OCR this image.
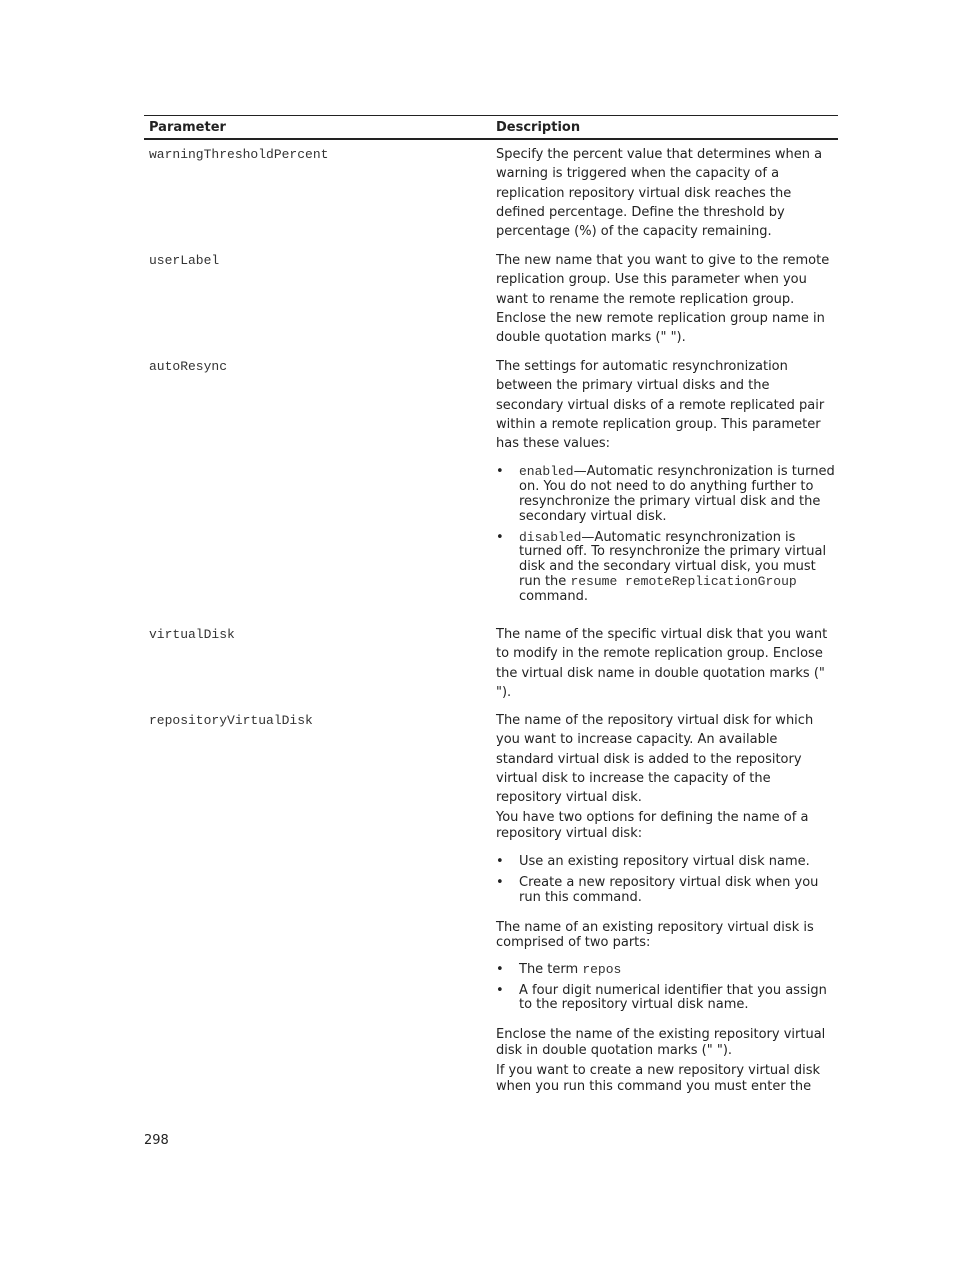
Parameter	Description
warningThresholdPercent	Specify the percent value that determines when a warning is triggered when the capacity of a replication repository virtual disk reaches the defined percentage. Define the threshold by percentage (%) of the capacity remaining.

userLabel	The new name that you want to give to the remote replication group. Use this parameter when you want to rename the remote replication group. Enclose the new remote replication group name in double quotation marks (" ").

autoResync	The settings for automatic resynchronization between the primary virtual disks and the secondary virtual disks of a remote replicated pair within a remote replication group. This parameter has these values:

• enabled—Automatic resynchronization is turned on. You do not need to do anything further to resynchronize the primary virtual disk and the secondary virtual disk.
• disabled—Automatic resynchronization is turned off. To resynchronize the primary virtual disk and the secondary virtual disk, you must run the resume remoteReplicationGroup command.
virtualDisk	The name of the specific virtual disk that you want to modify in the remote replication group. Enclose the virtual disk name in double quotation marks (" ").

repositoryVirtualDisk	The name of the repository virtual disk for which you want to increase capacity. An available standard virtual disk is added to the repository virtual disk to increase the capacity of the repository virtual disk.

You have two options for defining the name of a repository virtual disk:

• Use an existing repository virtual disk name.
• Create a new repository virtual disk when you run this command.

The name of an existing repository virtual disk is comprised of two parts:

• The term repos
• A four digit numerical identifier that you assign to the repository virtual disk name.

Enclose the name of the existing repository virtual disk in double quotation marks (" ").

If you want to create a new repository virtual disk when you run this command you must enter the

298
